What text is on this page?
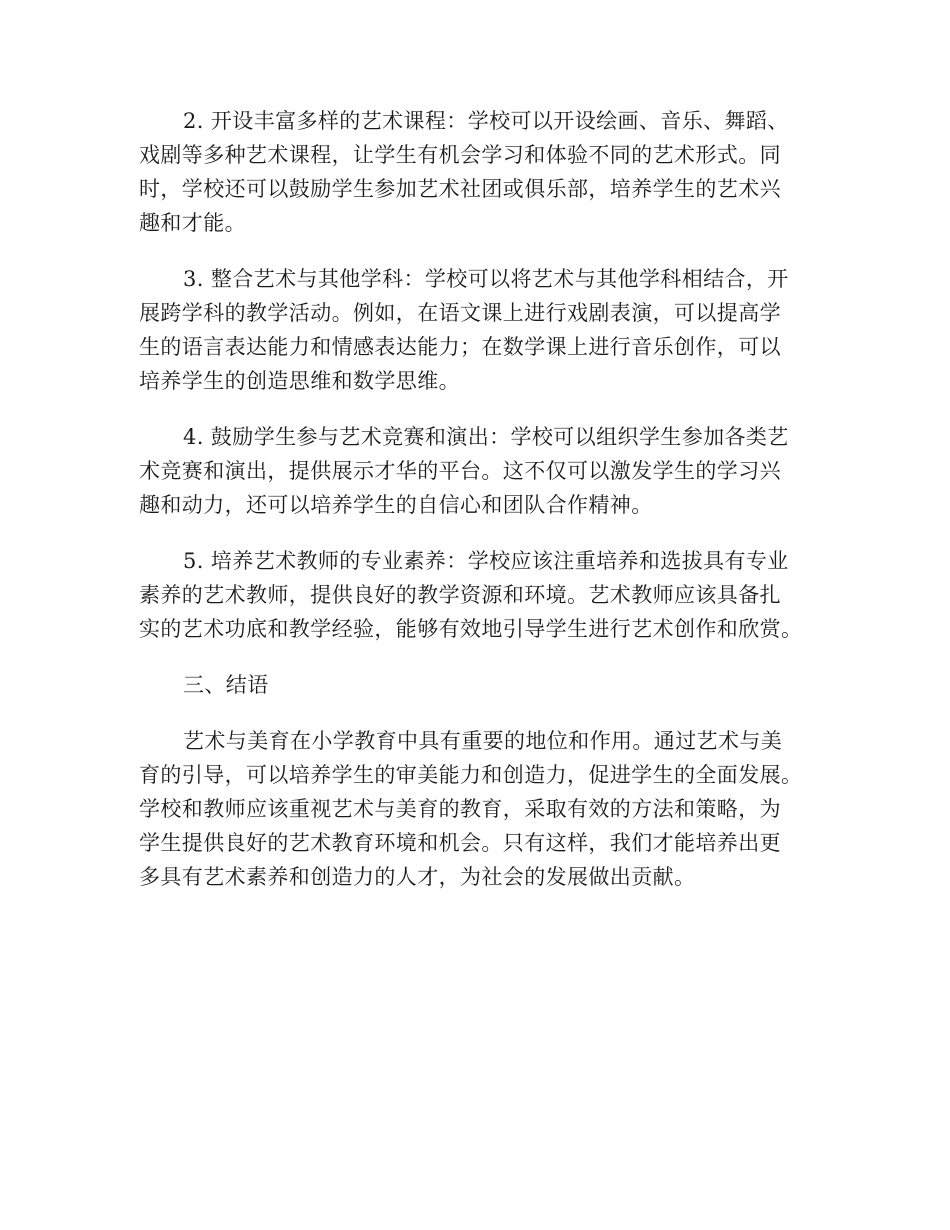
2. 开设丰富多样的艺术课程：学校可以开设绘画、音乐、舞蹈、
戏剧等多种艺术课程，让学生有机会学习和体验不同的艺术形式。同
时，学校还可以鼓励学生参加艺术社团或俱乐部，培养学生的艺术兴
趣和才能。
3. 整合艺术与其他学科：学校可以将艺术与其他学科相结合，开
展跨学科的教学活动。例如，在语文课上进行戏剧表演，可以提高学
生的语言表达能力和情感表达能力；在数学课上进行音乐创作，可以
培养学生的创造思维和数学思维。
4. 鼓励学生参与艺术竞赛和演出：学校可以组织学生参加各类艺
术竞赛和演出，提供展示才华的平台。这不仅可以激发学生的学习兴
趣和动力，还可以培养学生的自信心和团队合作精神。
5. 培养艺术教师的专业素养：学校应该注重培养和选拔具有专业
素养的艺术教师，提供良好的教学资源和环境。艺术教师应该具备扎
实的艺术功底和教学经验，能够有效地引导学生进行艺术创作和欣赏。
三、结语
艺术与美育在小学教育中具有重要的地位和作用。通过艺术与美
育的引导，可以培养学生的审美能力和创造力，促进学生的全面发展。
学校和教师应该重视艺术与美育的教育，采取有效的方法和策略，为
学生提供良好的艺术教育环境和机会。只有这样，我们才能培养出更
多具有艺术素养和创造力的人才，为社会的发展做出贡献。
